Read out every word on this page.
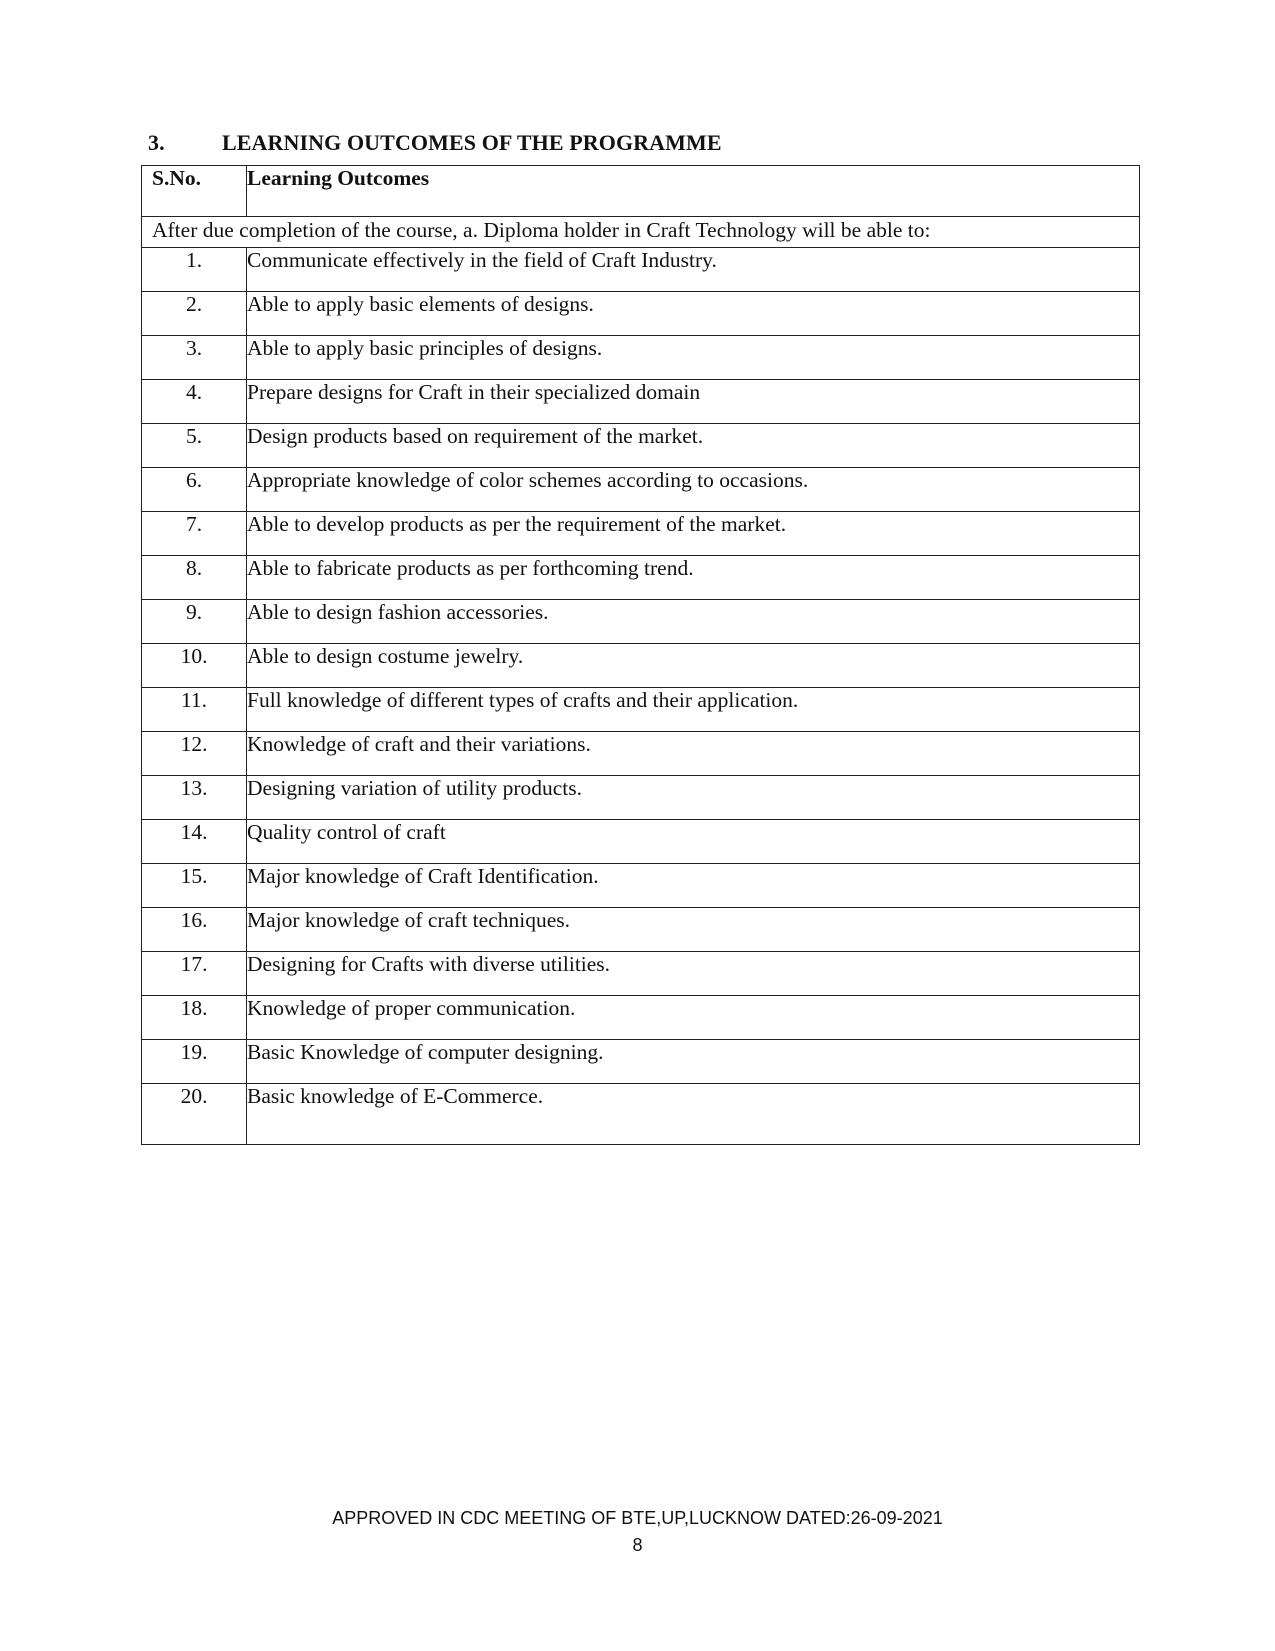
3.	LEARNING OUTCOMES OF THE PROGRAMME
S.No.	Learning Outcomes
After due completion of the course, a. Diploma holder in Craft Technology will be able to:	
1.	Communicate effectively in the field of Craft Industry.
2.	Able to apply basic elements of designs.
3.	Able to apply basic principles of designs.
4.	Prepare designs for Craft in their specialized domain
5.	Design products based on requirement of the market.
6.	Appropriate knowledge of color schemes according to occasions.
7.	Able to develop products as per the requirement of the market.
8.	Able to fabricate products as per forthcoming trend.
9.	Able to design fashion accessories.
10.	Able to design costume jewelry.
11.	Full knowledge of different types of crafts and their application.
12.	Knowledge of craft and their variations.
13.	Designing variation of utility products.
14.	Quality control of craft
15.	Major knowledge of Craft Identification.
16.	Major knowledge of craft techniques.
17.	Designing for Crafts with diverse utilities.
18.	Knowledge of proper communication.
19.	Basic Knowledge of computer designing.
20.	Basic knowledge of E-Commerce.
APPROVED IN CDC MEETING OF BTE,UP,LUCKNOW DATED:26-09-2021
8
